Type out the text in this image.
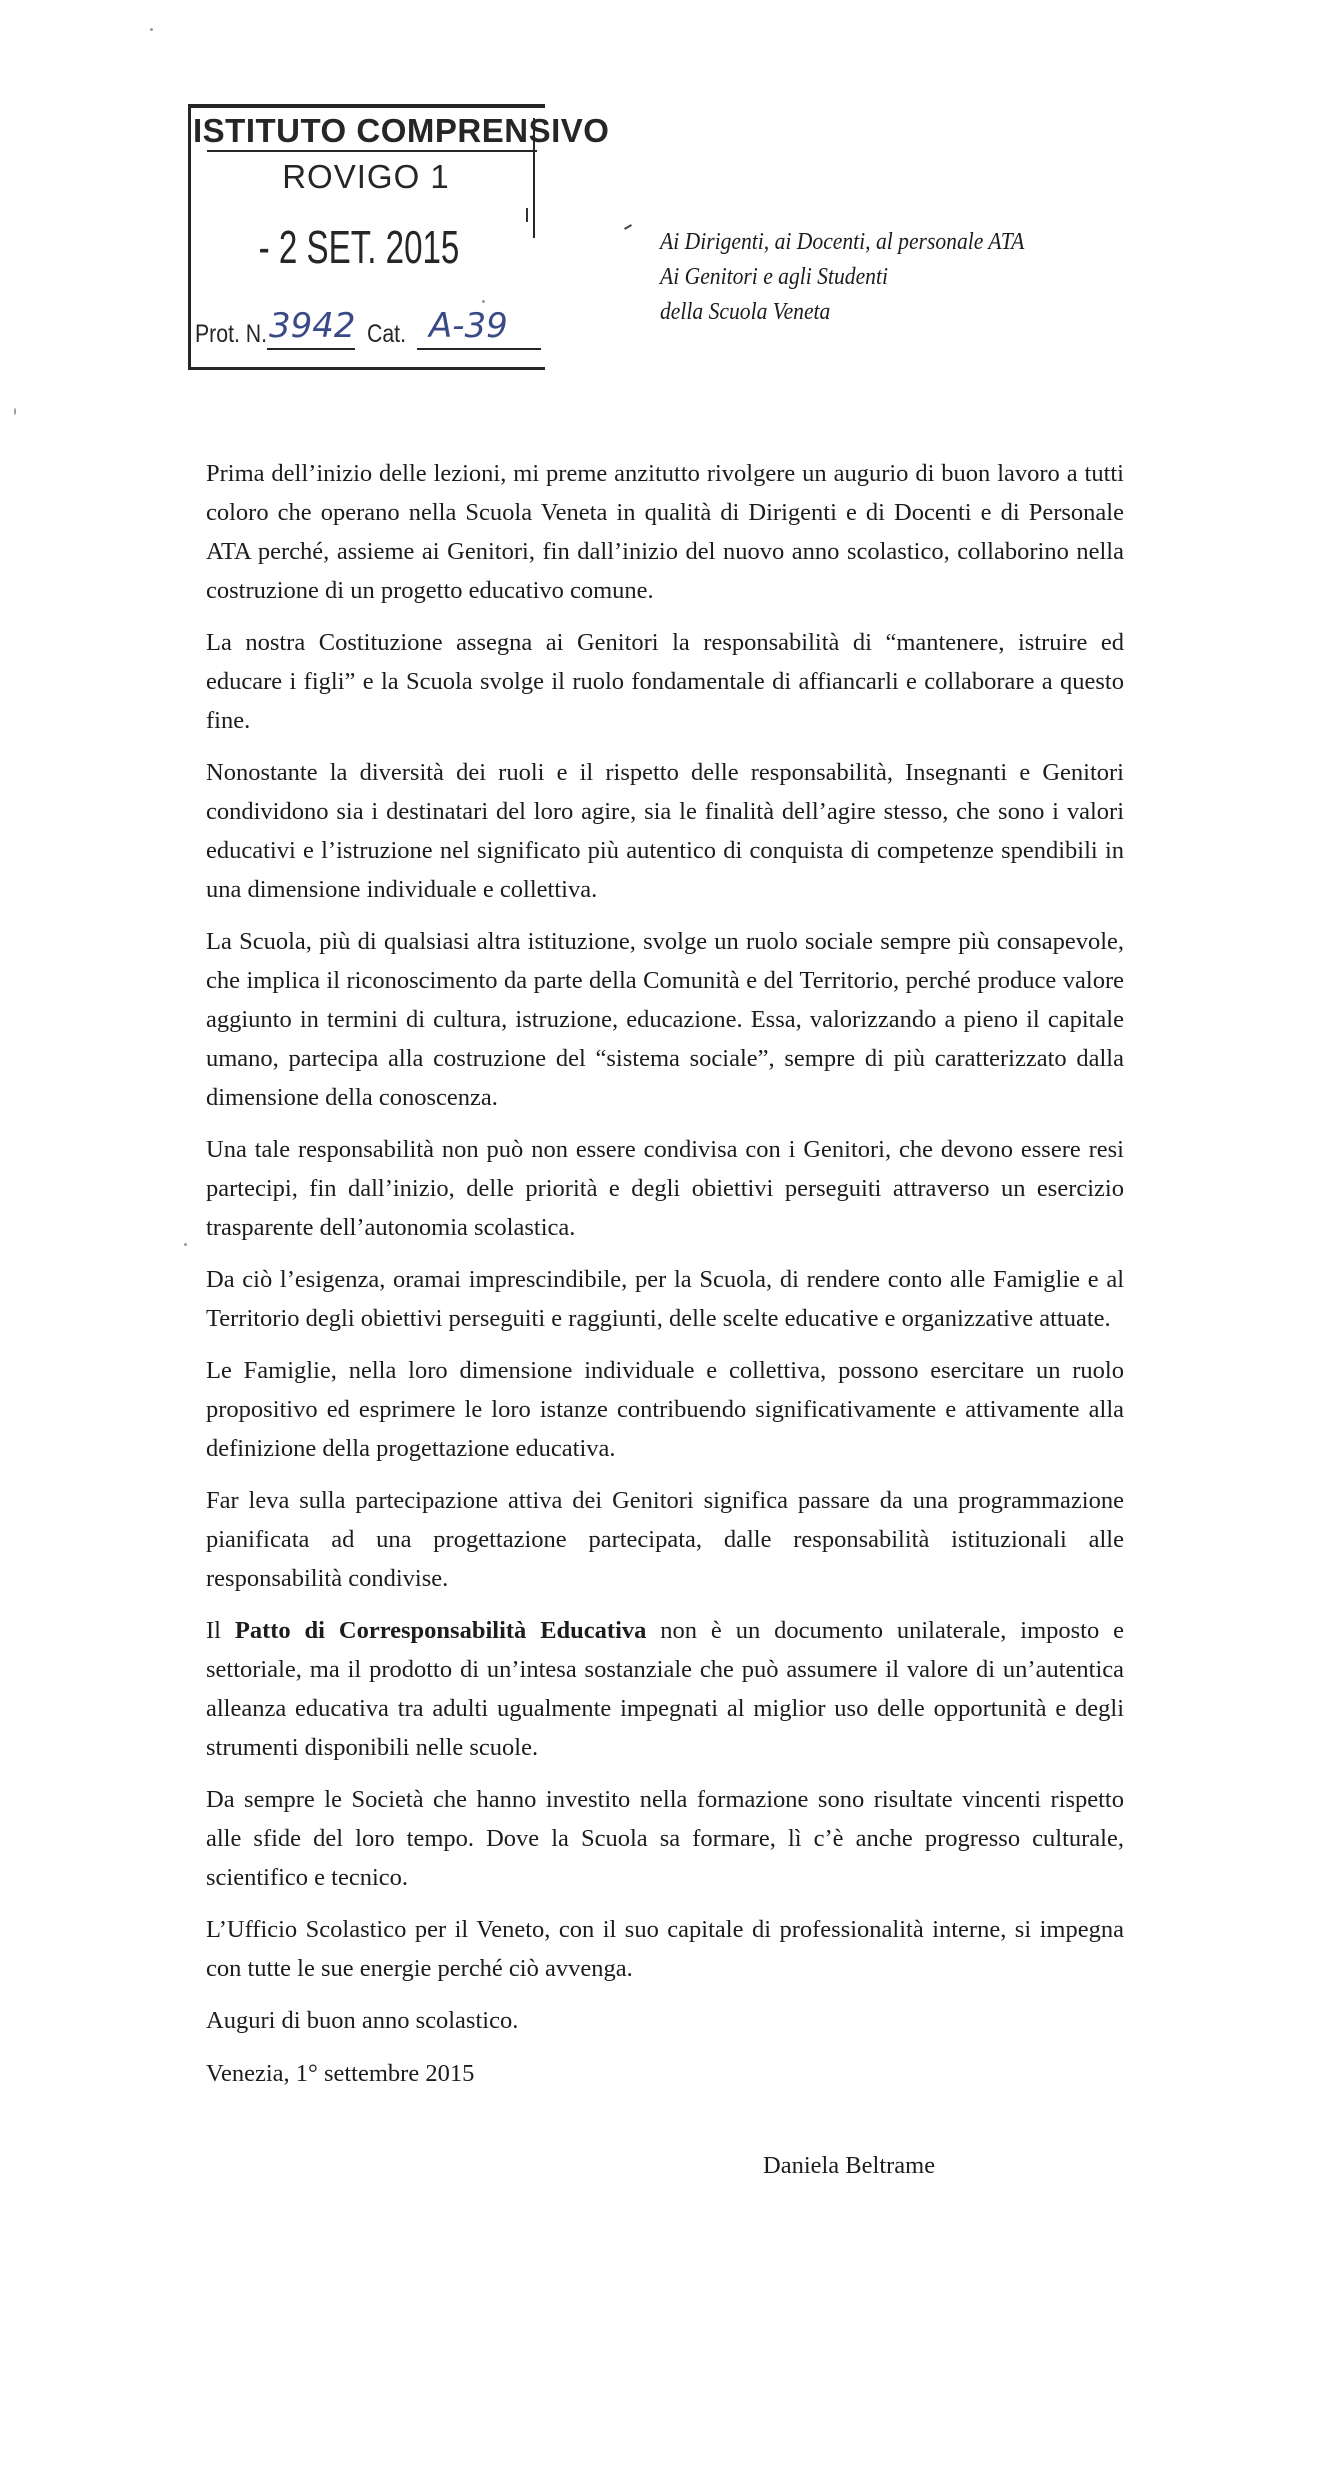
ISTITUTO COMPRENSIVO
ROVIGO 1
- 2 SET. 2015
Prot. N. 3942 Cat. A-39
Ai Dirigenti, ai Docenti, al personale ATA
Ai Genitori e agli Studenti
della Scuola Veneta

Prima dell’inizio delle lezioni, mi preme anzitutto rivolgere un augurio di buon lavoro a tutti coloro che operano nella Scuola Veneta in qualità di Dirigenti e di Docenti e di Personale ATA perché, assieme ai Genitori, fin dall’inizio del nuovo anno scolastico, collaborino nella costruzione di un progetto educativo comune.

La nostra Costituzione assegna ai Genitori la responsabilità di “mantenere, istruire ed educare i figli” e la Scuola svolge il ruolo fondamentale di affiancarli e collaborare a questo fine.

Nonostante la diversità dei ruoli e il rispetto delle responsabilità, Insegnanti e Genitori condividono sia i destinatari del loro agire, sia le finalità dell’agire stesso, che sono i valori educativi e l’istruzione nel significato più autentico di conquista di competenze spendibili in una dimensione individuale e collettiva.

La Scuola, più di qualsiasi altra istituzione, svolge un ruolo sociale sempre più consapevole, che implica il riconoscimento da parte della Comunità e del Territorio, perché produce valore aggiunto in termini di cultura, istruzione, educazione. Essa, valorizzando a pieno il capitale umano, partecipa alla costruzione del “sistema sociale”, sempre di più caratterizzato dalla dimensione della conoscenza.

Una tale responsabilità non può non essere condivisa con i Genitori, che devono essere resi partecipi, fin dall’inizio, delle priorità e degli obiettivi perseguiti attraverso un esercizio trasparente dell’autonomia scolastica.

Da ciò l’esigenza, oramai imprescindibile, per la Scuola, di rendere conto alle Famiglie e al Territorio degli obiettivi perseguiti e raggiunti, delle scelte educative e organizzative attuate.

Le Famiglie, nella loro dimensione individuale e collettiva, possono esercitare un ruolo propositivo ed esprimere le loro istanze contribuendo significativamente e attivamente alla definizione della progettazione educativa.

Far leva sulla partecipazione attiva dei Genitori significa passare da una programmazione pianificata ad una progettazione partecipata, dalle responsabilità istituzionali alle responsabilità condivise.

Il Patto di Corresponsabilità Educativa non è un documento unilaterale, imposto e settoriale, ma il prodotto di un’intesa sostanziale che può assumere il valore di un’autentica alleanza educativa tra adulti ugualmente impegnati al miglior uso delle opportunità e degli strumenti disponibili nelle scuole.

Da sempre le Società che hanno investito nella formazione sono risultate vincenti rispetto alle sfide del loro tempo. Dove la Scuola sa formare, lì c’è anche progresso culturale, scientifico e tecnico.

L’Ufficio Scolastico per il Veneto, con il suo capitale di professionalità interne, si impegna con tutte le sue energie perché ciò avvenga.

Auguri di buon anno scolastico.
Venezia, 1° settembre 2015
Daniela Beltrame
